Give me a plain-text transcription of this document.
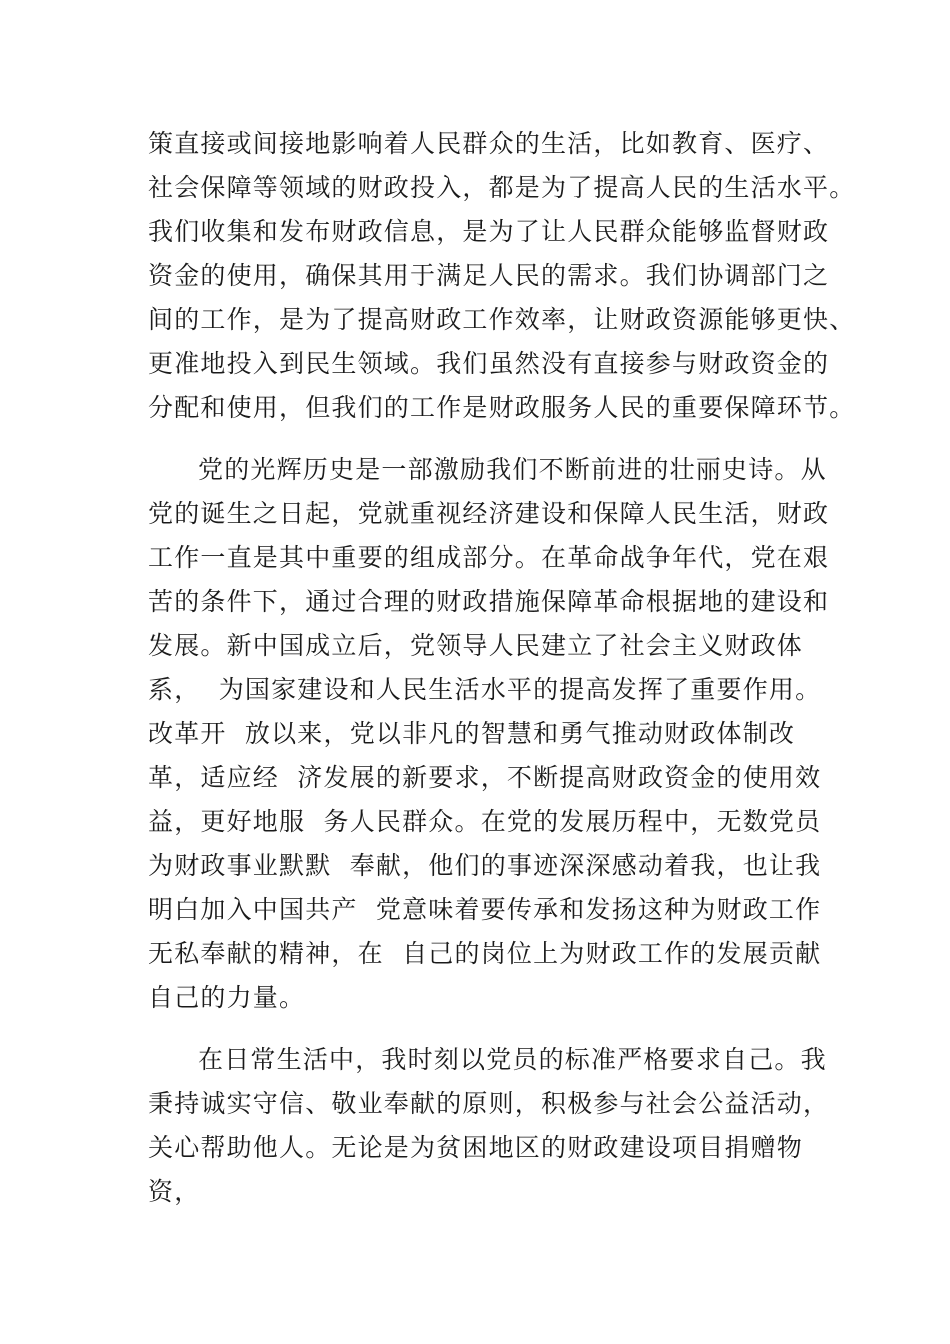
策直接或间接地影响着人民群众的生活，比如教育、医疗、
社会保障等领域的财政投入，都是为了提高人民的生活水平。
我们收集和发布财政信息，是为了让人民群众能够监督财政
资金的使用，确保其用于满足人民的需求。我们协调部门之
间的工作，是为了提高财政工作效率，让财政资源能够更快、
更准地投入到民生领域。我们虽然没有直接参与财政资金的
分配和使用，但我们的工作是财政服务人民的重要保障环节。
党的光辉历史是一部激励我们不断前进的壮丽史诗。从
党的诞生之日起，党就重视经济建设和保障人民生活，财政
工作一直是其中重要的组成部分。在革命战争年代，党在艰
苦的条件下，通过合理的财政措施保障革命根据地的建设和
发展。新中国成立后，党领导人民建立了社会主义财政体
系，  为国家建设和人民生活水平的提高发挥了重要作用。
改革开  放以来，党以非凡的智慧和勇气推动财政体制改
革，适应经  济发展的新要求，不断提高财政资金的使用效
益，更好地服  务人民群众。在党的发展历程中，无数党员
为财政事业默默  奉献，他们的事迹深深感动着我，也让我
明白加入中国共产  党意味着要传承和发扬这种为财政工作
无私奉献的精神，在  自己的岗位上为财政工作的发展贡献
自己的力量。
在日常生活中，我时刻以党员的标准严格要求自己。我
秉持诚实守信、敬业奉献的原则，积极参与社会公益活动，
关心帮助他人。无论是为贫困地区的财政建设项目捐赠物
资，
